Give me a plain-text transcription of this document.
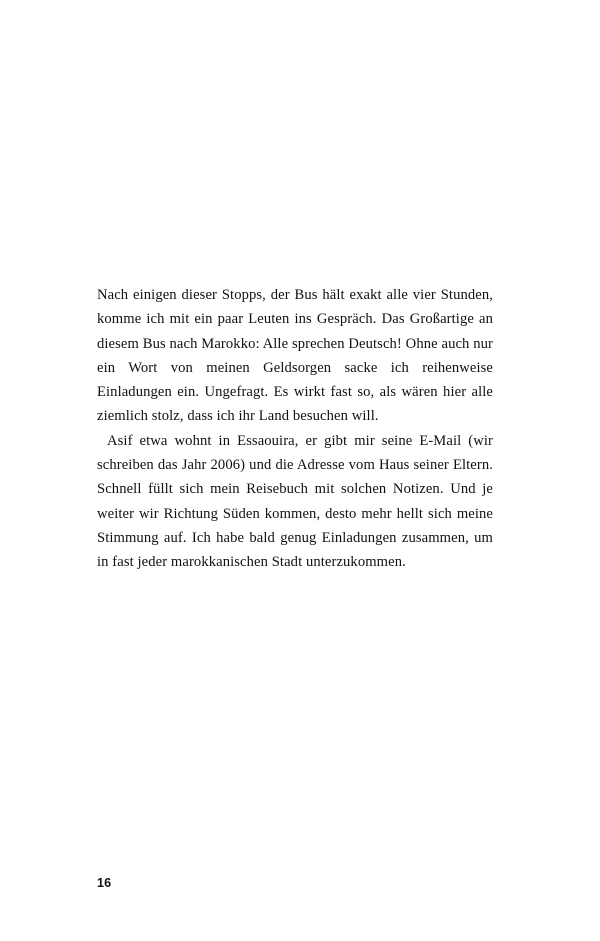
Nach einigen dieser Stopps, der Bus hält exakt alle vier Stunden, komme ich mit ein paar Leuten ins Gespräch. Das Großartige an diesem Bus nach Marokko: Alle sprechen Deutsch! Ohne auch nur ein Wort von meinen Geldsorgen sacke ich reihenweise Einladungen ein. Ungefragt. Es wirkt fast so, als wären hier alle ziemlich stolz, dass ich ihr Land besuchen will.

Asif etwa wohnt in Essaouira, er gibt mir seine E-Mail (wir schreiben das Jahr 2006) und die Adresse vom Haus seiner Eltern. Schnell füllt sich mein Reisebuch mit solchen Notizen. Und je weiter wir Richtung Süden kommen, desto mehr hellt sich meine Stimmung auf. Ich habe bald genug Einladungen zusammen, um in fast jeder marokkanischen Stadt unterzukommen.

16
